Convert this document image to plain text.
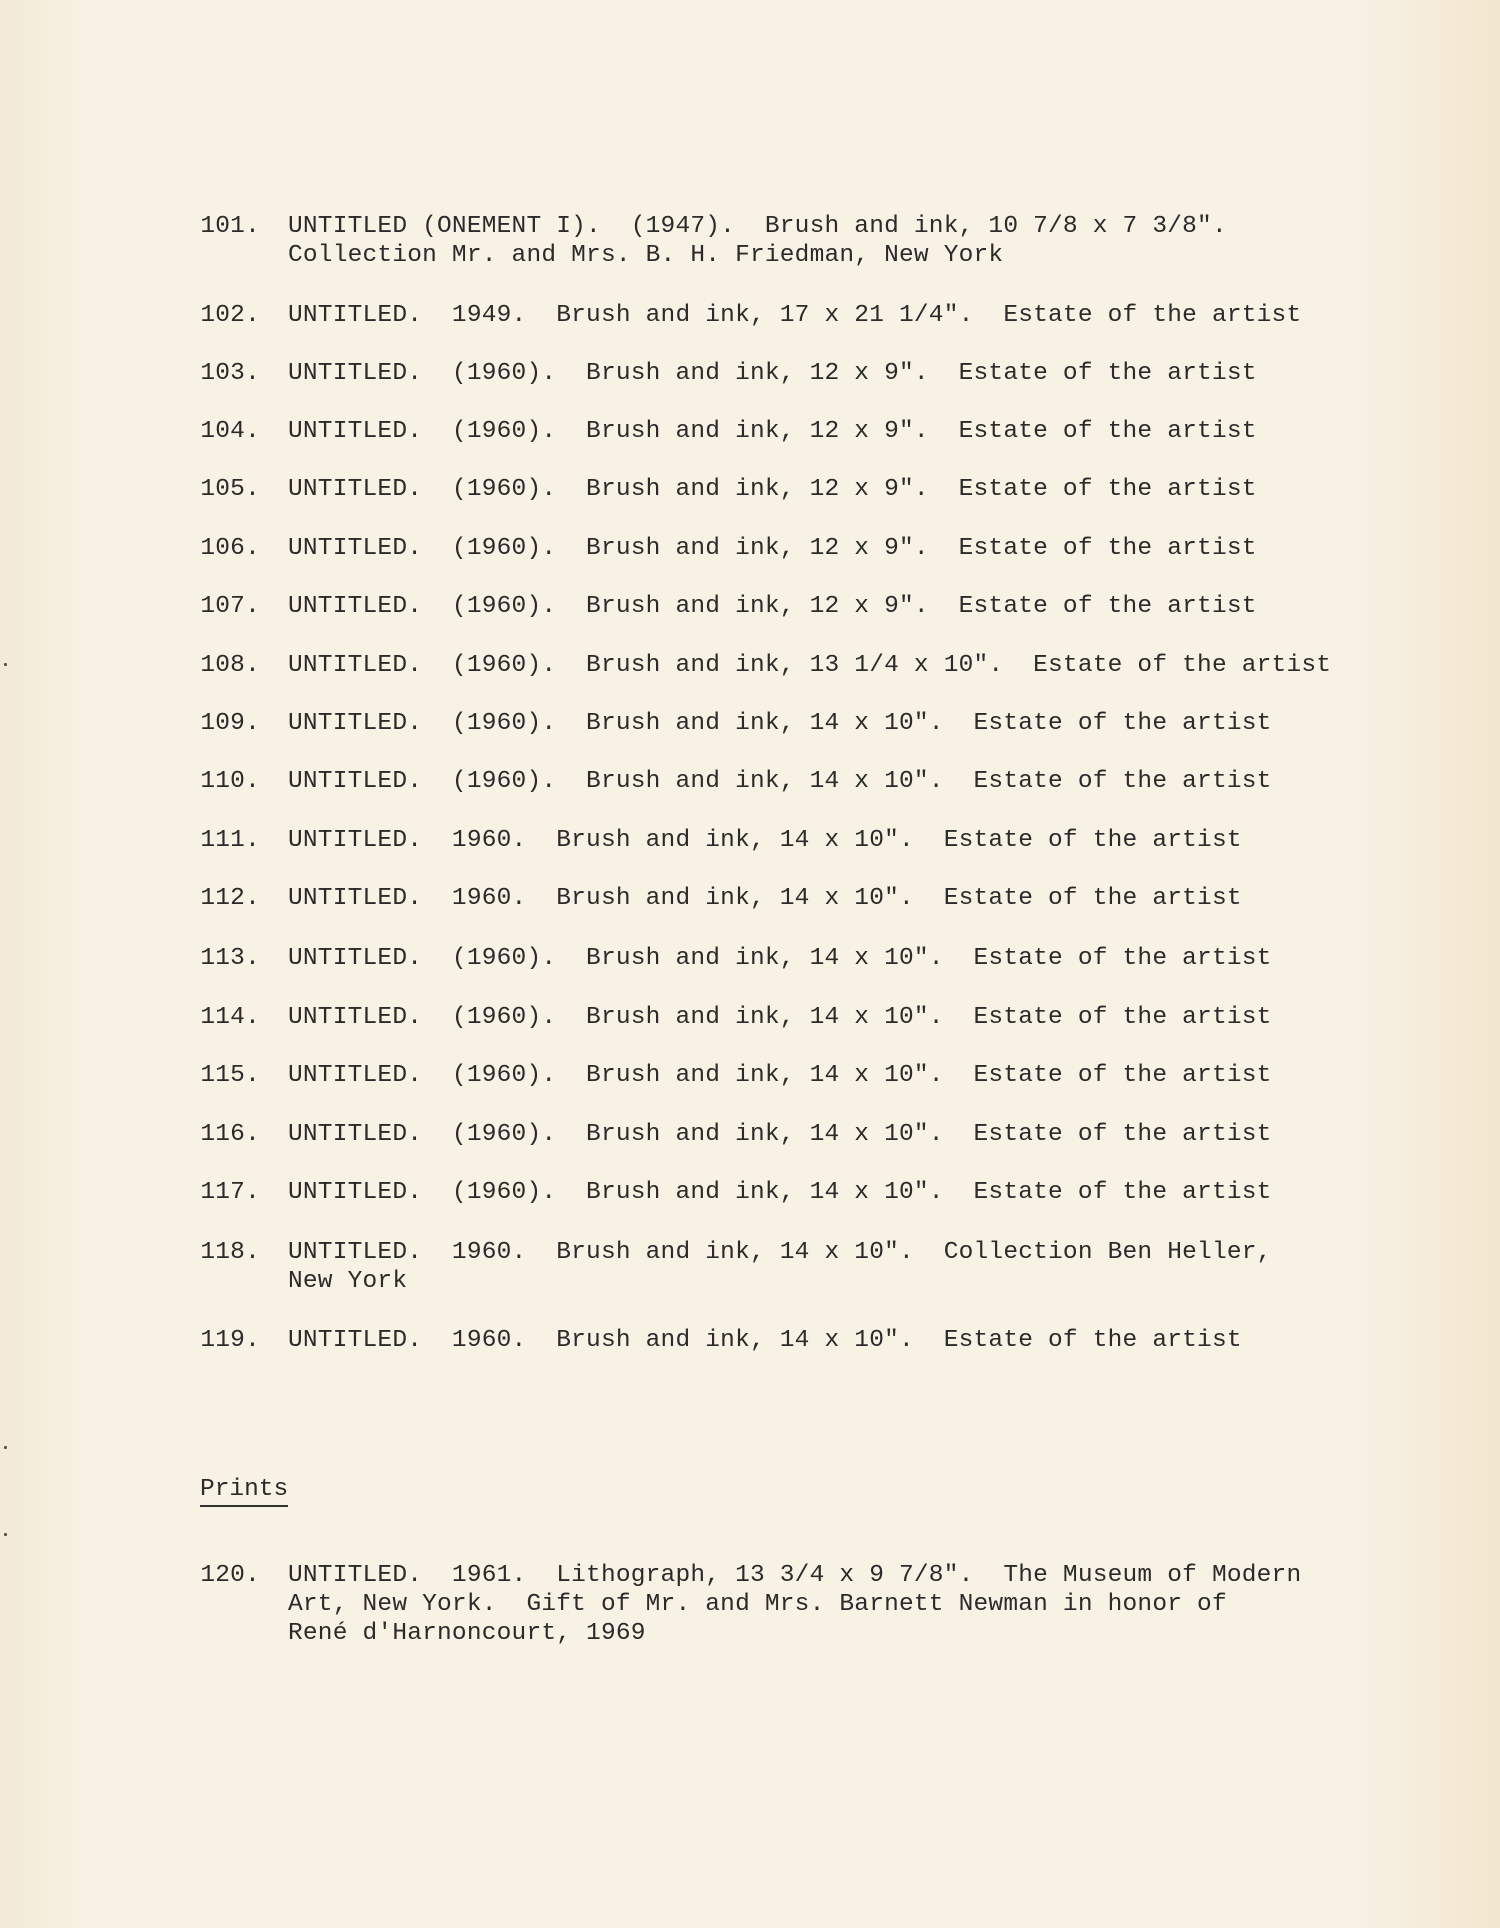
101. UNTITLED (ONEMENT I).  (1947).  Brush and ink, 10 7/8 x 7 3/8".
Collection Mr. and Mrs. B. H. Friedman, New York
102. UNTITLED.  1949.  Brush and ink, 17 x 21 1/4".  Estate of the artist
103. UNTITLED.  (1960).  Brush and ink, 12 x 9".  Estate of the artist
104. UNTITLED.  (1960).  Brush and ink, 12 x 9".  Estate of the artist
105. UNTITLED.  (1960).  Brush and ink, 12 x 9".  Estate of the artist
106. UNTITLED.  (1960).  Brush and ink, 12 x 9".  Estate of the artist
107. UNTITLED.  (1960).  Brush and ink, 12 x 9".  Estate of the artist
108. UNTITLED.  (1960).  Brush and ink, 13 1/4 x 10".  Estate of the artist
109. UNTITLED.  (1960).  Brush and ink, 14 x 10".  Estate of the artist
110. UNTITLED.  (1960).  Brush and ink, 14 x 10".  Estate of the artist
111. UNTITLED.  1960.  Brush and ink, 14 x 10".  Estate of the artist
112. UNTITLED.  1960.  Brush and ink, 14 x 10".  Estate of the artist
113. UNTITLED.  (1960).  Brush and ink, 14 x 10".  Estate of the artist
114. UNTITLED.  (1960).  Brush and ink, 14 x 10".  Estate of the artist
115. UNTITLED.  (1960).  Brush and ink, 14 x 10".  Estate of the artist
116. UNTITLED.  (1960).  Brush and ink, 14 x 10".  Estate of the artist
117. UNTITLED.  (1960).  Brush and ink, 14 x 10".  Estate of the artist
118. UNTITLED.  1960.  Brush and ink, 14 x 10".  Collection Ben Heller,
New York
119. UNTITLED.  1960.  Brush and ink, 14 x 10".  Estate of the artist
Prints
120. UNTITLED.  1961.  Lithograph, 13 3/4 x 9 7/8".  The Museum of Modern
Art, New York.  Gift of Mr. and Mrs. Barnett Newman in honor of
René d'Harnoncourt, 1969
